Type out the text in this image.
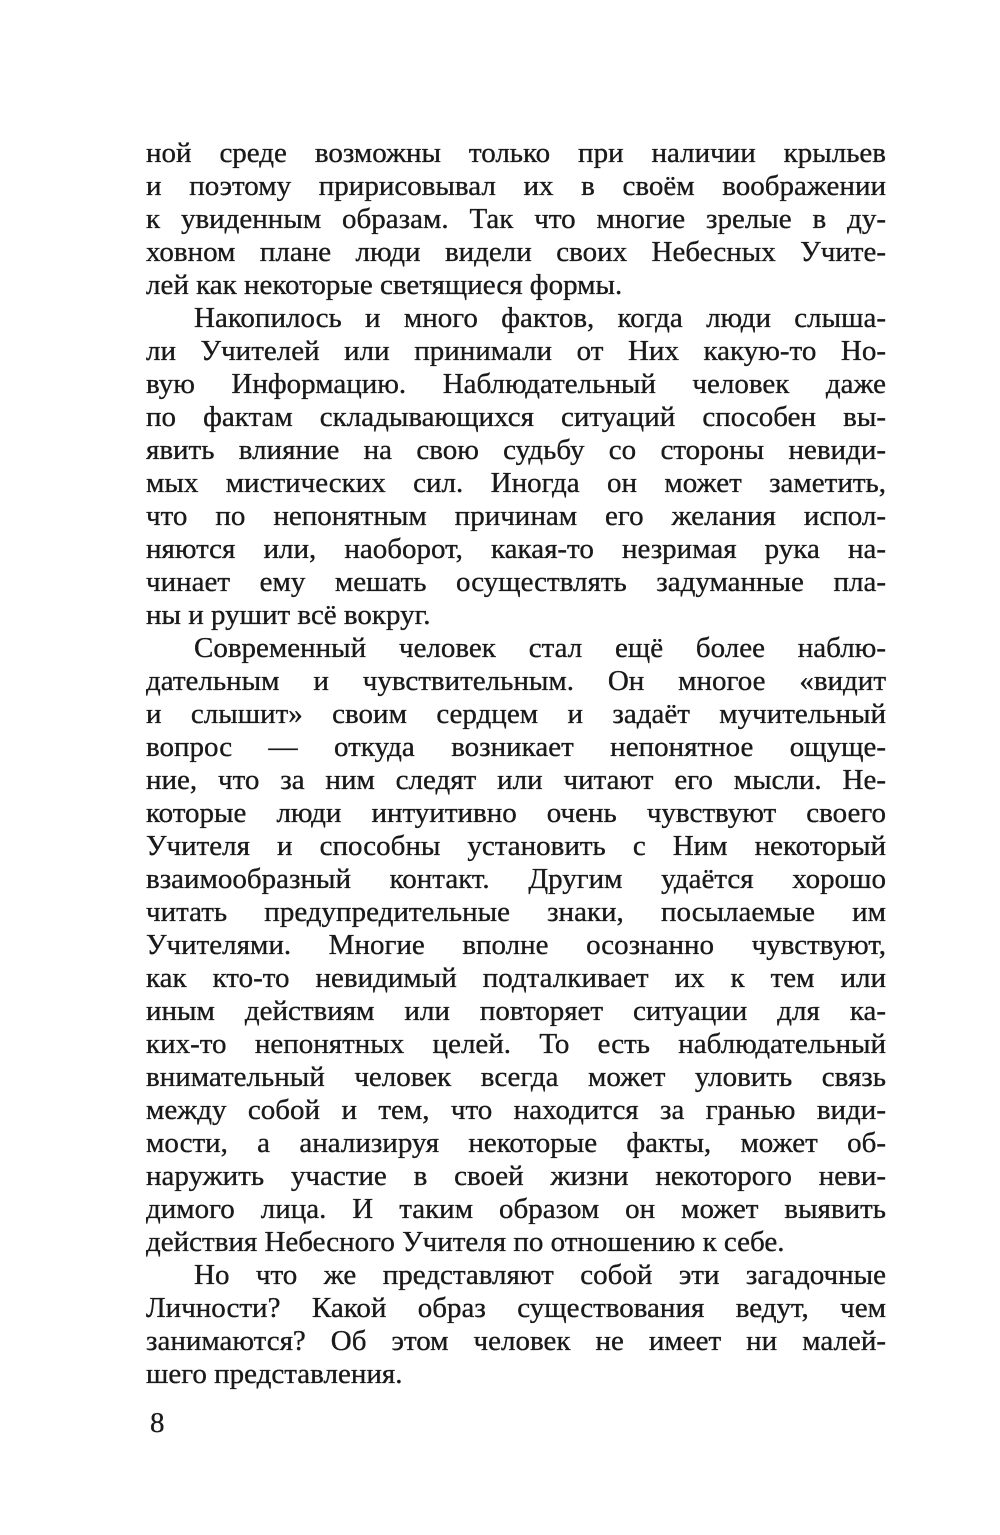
ной среде возможны только при наличии крыльев
и поэтому пририсовывал их в своём воображении
к увиденным образам. Так что многие зрелые в ду-
ховном плане люди видели своих Небесных Учите-
лей как некоторые светящиеся формы.

Накопилось и много фактов, когда люди слыша-
ли Учителей или принимали от Них какую-то Но-
вую Информацию. Наблюдательный человек даже
по фактам складывающихся ситуаций способен вы-
явить влияние на свою судьбу со стороны невиди-
мых мистических сил. Иногда он может заметить,
что по непонятным причинам его желания испол-
няются или, наоборот, какая-то незримая рука на-
чинает ему мешать осуществлять задуманные пла-
ны и рушит всё вокруг.

Современный человек стал ещё более наблю-
дательным и чувствительным. Он многое «видит
и слышит» своим сердцем и задаёт мучительный
вопрос — откуда возникает непонятное ощуще-
ние, что за ним следят или читают его мысли. Не-
которые люди интуитивно очень чувствуют своего
Учителя и способны установить с Ним некоторый
взаимообразный контакт. Другим удаётся хорошо
читать предупредительные знаки, посылаемые им
Учителями. Многие вполне осознанно чувствуют,
как кто-то невидимый подталкивает их к тем или
иным действиям или повторяет ситуации для ка-
ких-то непонятных целей. То есть наблюдательный
внимательный человек всегда может уловить связь
между собой и тем, что находится за гранью види-
мости, а анализируя некоторые факты, может об-
наружить участие в своей жизни некоторого неви-
димого лица. И таким образом он может выявить
действия Небесного Учителя по отношению к себе.

Но что же представляют собой эти загадочные
Личности? Какой образ существования ведут, чем
занимаются? Об этом человек не имеет ни малей-
шего представления.

8
